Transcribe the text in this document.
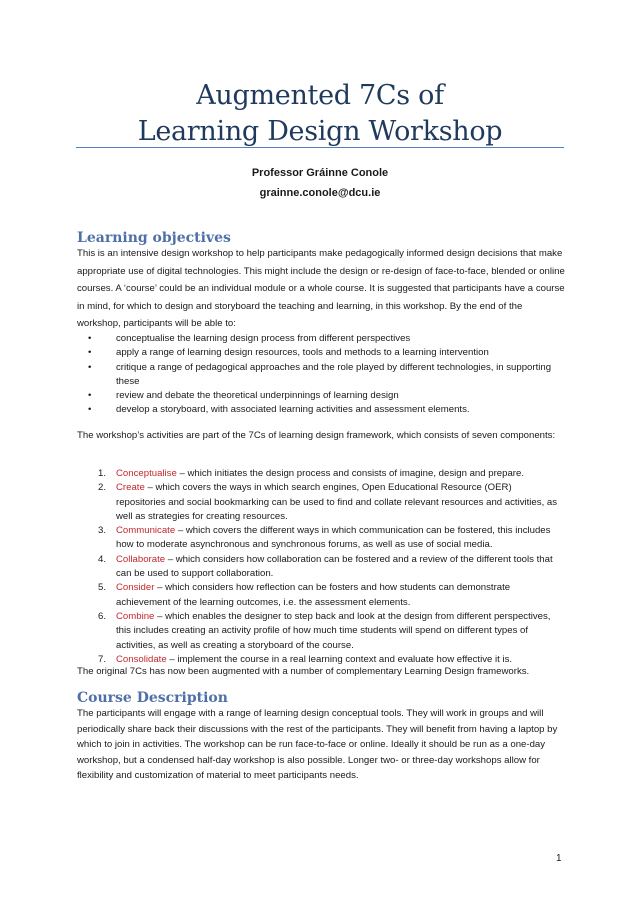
Augmented 7Cs of
Learning Design Workshop
Professor Gráinne Conole
grainne.conole@dcu.ie
Learning objectives

This is an intensive design workshop to help participants make pedagogically informed design decisions that make appropriate use of digital technologies. This might include the design or re-design of face-to-face, blended or online courses. A ‘course’ could be an individual module or a whole course. It is suggested that participants have a course in mind, for which to design and storyboard the teaching and learning, in this workshop. By the end of the workshop, participants will be able to:

•	conceptualise the learning design process from different perspectives
•	apply a range of learning design resources, tools and methods to a learning intervention
•	critique a range of pedagogical approaches and the role played by different technologies, in supporting these
•	review and debate the theoretical underpinnings of learning design
•	develop a storyboard, with associated learning activities and assessment elements.

The workshop’s activities are part of the 7Cs of learning design framework, which consists of seven components:

1. Conceptualise – which initiates the design process and consists of imagine, design and prepare.
2. Create – which covers the ways in which search engines, Open Educational Resource (OER) repositories and social bookmarking can be used to find and collate relevant resources and activities, as well as strategies for creating resources.
3. Communicate – which covers the different ways in which communication can be fostered, this includes how to moderate asynchronous and synchronous forums, as well as use of social media.
4. Collaborate – which considers how collaboration can be fostered and a review of the different tools that can be used to support collaboration.
5. Consider – which considers how reflection can be fosters and how students can demonstrate achievement of the learning outcomes, i.e. the assessment elements.
6. Combine – which enables the designer to step back and look at the design from different perspectives, this includes creating an activity profile of how much time students will spend on different types of activities, as well as creating a storyboard of the course.
7. Consolidate – implement the course in a real learning context and evaluate how effective it is.

The original 7Cs has now been augmented with a number of complementary Learning Design frameworks.

Course Description

The participants will engage with a range of learning design conceptual tools. They will work in groups and will periodically share back their discussions with the rest of the participants. They will benefit from having a laptop by which to join in activities. The workshop can be run face-to-face or online. Ideally it should be run as a one-day workshop, but a condensed half-day workshop is also possible. Longer two- or three-day workshops allow for flexibility and customization of material to meet participants needs.

1
